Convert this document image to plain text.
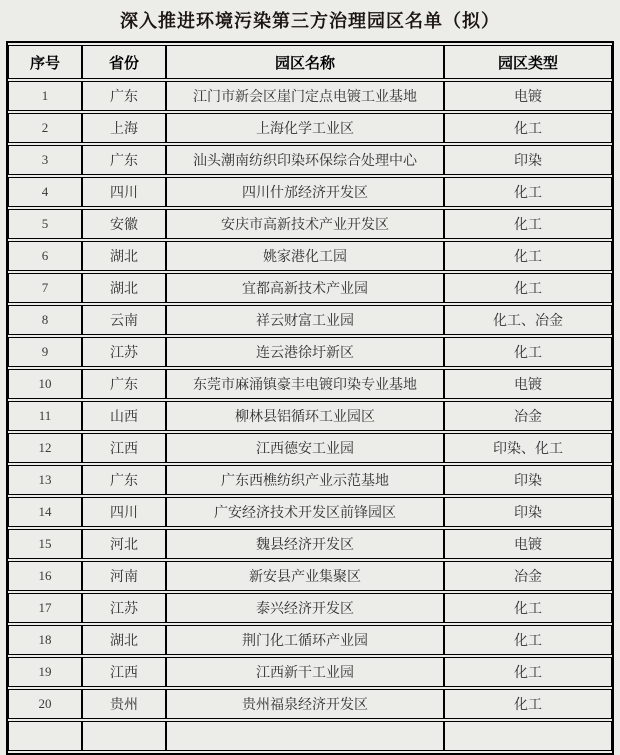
深入推进环境污染第三方治理园区名单（拟）
序号	省份	园区名称	园区类型
1	广东	江门市新会区崖门定点电镀工业基地	电镀
2	上海	上海化学工业区	化工
3	广东	汕头潮南纺织印染环保综合处理中心	印染
4	四川	四川什邡经济开发区	化工
5	安徽	安庆市高新技术产业开发区	化工
6	湖北	姚家港化工园	化工
7	湖北	宜都高新技术产业园	化工
8	云南	祥云财富工业园	化工、冶金
9	江苏	连云港徐圩新区	化工
10	广东	东莞市麻涌镇豪丰电镀印染专业基地	电镀
11	山西	柳林县铝循环工业园区	冶金
12	江西	江西德安工业园	印染、化工
13	广东	广东西樵纺织产业示范基地	印染
14	四川	广安经济技术开发区前锋园区	印染
15	河北	魏县经济开发区	电镀
16	河南	新安县产业集聚区	冶金
17	江苏	泰兴经济开发区	化工
18	湖北	荆门化工循环产业园	化工
19	江西	江西新干工业园	化工
20	贵州	贵州福泉经济开发区	化工
